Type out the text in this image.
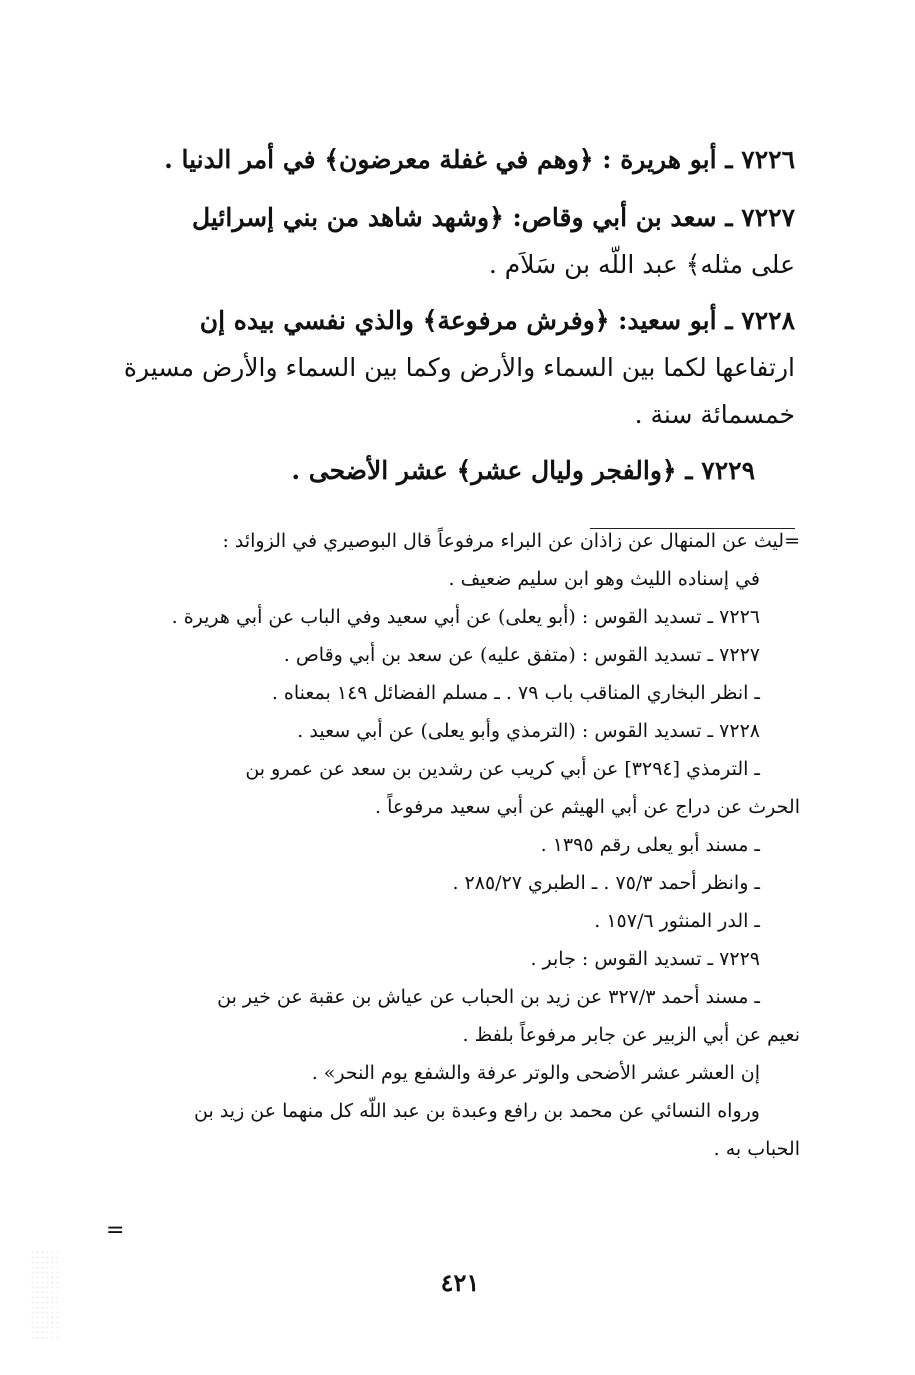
٧٢٢٦ ـ أبو هريرة : ﴿وهم في غفلة معرضون﴾ في أمر الدنيا .
٧٢٢٧ ـ سعد بن أبي وقاص: ﴿وشهد شاهد من بني إسرائيل
على مثله﴾ عبد اللّه بن سَلاَم .
٧٢٢٨ ـ أبو سعيد: ﴿وفرش مرفوعة﴾ والذي نفسي بيده إن
ارتفاعها لكما بين السماء والأرض وكما بين السماء والأرض مسيرة
خمسمائة سنة .
٧٢٢٩ ـ ﴿والفجر وليال عشر﴾ عشر الأضحى .
=ليث عن المنهال عن زاذان عن البراء مرفوعاً قال البوصيري في الزوائد :
في إسناده الليث وهو ابن سليم ضعيف .
٧٢٢٦ ـ تسديد القوس : (أبو يعلى) عن أبي سعيد وفي الباب عن أبي هريرة .
٧٢٢٧ ـ تسديد القوس : (متفق عليه) عن سعد بن أبي وقاص .
ـ انظر البخاري المناقب باب ٧٩ . ـ مسلم الفضائل ١٤٩ بمعناه .
٧٢٢٨ ـ تسديد القوس : (الترمذي وأبو يعلى) عن أبي سعيد .
ـ الترمذي [٣٢٩٤] عن أبي كريب عن رشدين بن سعد عن عمرو بن
الحرث عن دراج عن أبي الهيثم عن أبي سعيد مرفوعاً .
ـ مسند أبو يعلى رقم ١٣٩٥ .
ـ وانظر أحمد ٧٥/٣ . ـ الطبري ٢٨٥/٢٧ .
ـ الدر المنثور ١٥٧/٦ .
٧٢٢٩ ـ تسديد القوس : جابر .
ـ مسند أحمد ٣٢٧/٣ عن زيد بن الحباب عن عياش بن عقبة عن خير بن
نعيم عن أبي الزبير عن جابر مرفوعاً بلفظ .
إن العشر عشر الأضحى والوتر عرفة والشفع يوم النحر» .
ورواه النسائي عن محمد بن رافع وعبدة بن عبد اللّه كل منهما عن زيد بن
الحباب به .
=
٤٢١
